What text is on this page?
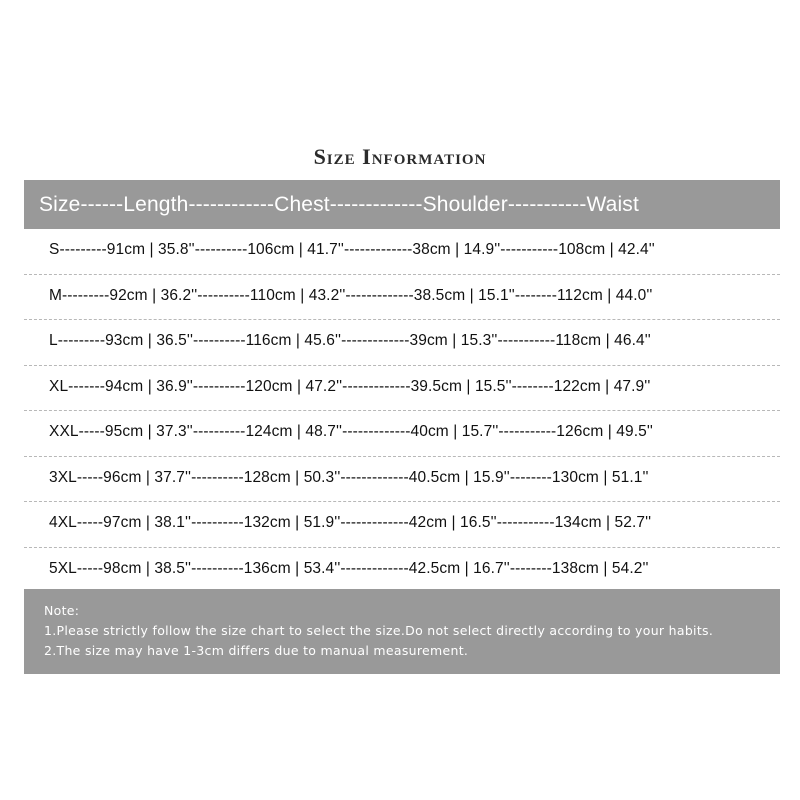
Size Information
Size------Length------------Chest-------------Shoulder-----------Waist
S---------91cm | 35.8''----------106cm | 41.7''-------------38cm | 14.9''-----------108cm | 42.4''
M---------92cm | 36.2''----------110cm | 43.2''-------------38.5cm | 15.1''--------112cm | 44.0''
L---------93cm | 36.5''----------116cm | 45.6''-------------39cm | 15.3''-----------118cm | 46.4''
XL-------94cm | 36.9''----------120cm | 47.2''-------------39.5cm | 15.5''--------122cm | 47.9''
XXL-----95cm | 37.3''----------124cm | 48.7''-------------40cm | 15.7''-----------126cm | 49.5''
3XL-----96cm | 37.7''----------128cm | 50.3''-------------40.5cm | 15.9''--------130cm | 51.1''
4XL-----97cm | 38.1''----------132cm | 51.9''-------------42cm | 16.5''-----------134cm | 52.7''
5XL-----98cm | 38.5''----------136cm | 53.4''-------------42.5cm | 16.7''--------138cm | 54.2''
Note:
1.Please strictly follow the size chart to select the size.Do not select directly according to your habits.
2.The size may have 1-3cm differs due to manual measurement.
